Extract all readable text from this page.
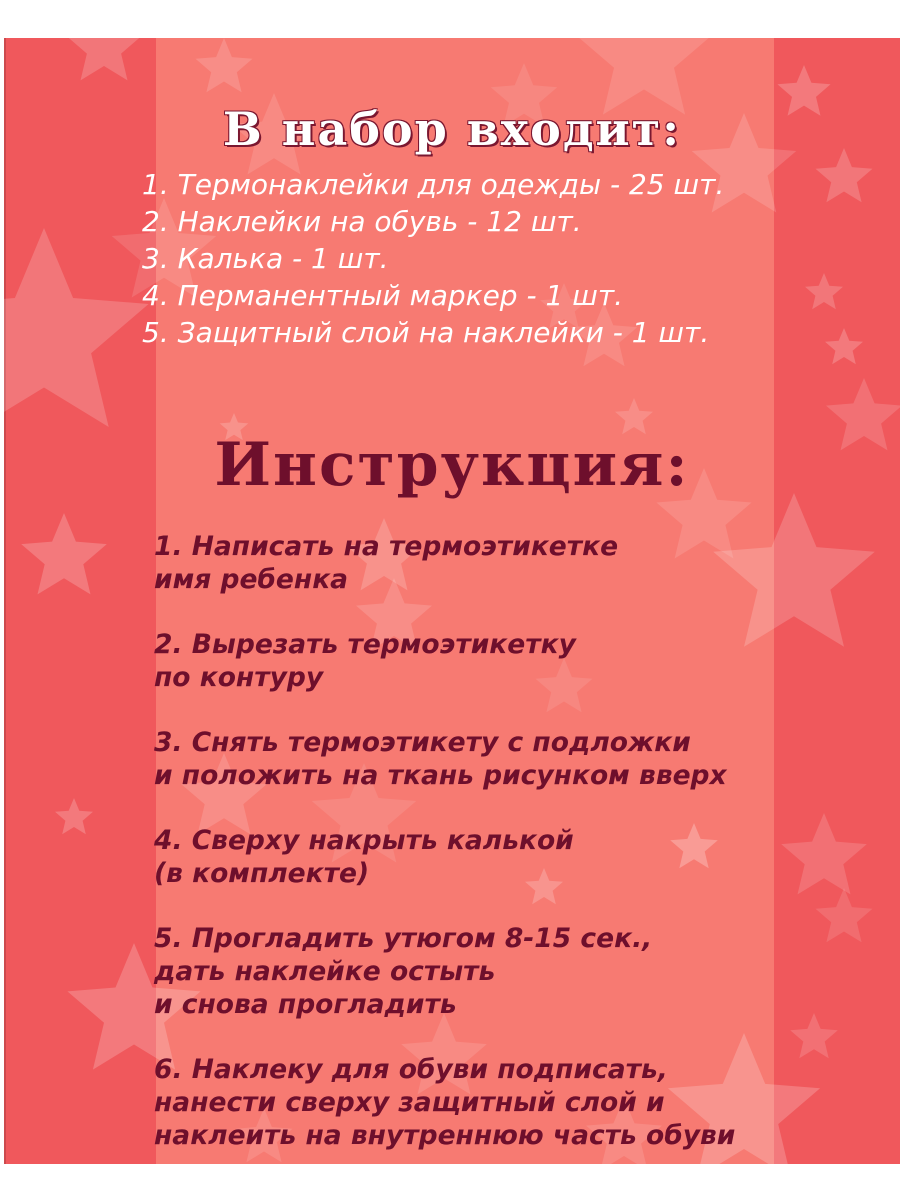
В набор входит:
1. Термонаклейки для одежды - 25 шт.
2. Наклейки на обувь - 12 шт.
3. Калька - 1 шт.
4. Перманентный маркер - 1 шт.
5. Защитный слой на наклейки - 1 шт.
Инструкция:
1. Написать на термоэтикетке
имя ребенка
2. Вырезать термоэтикетку
по контуру
3. Снять термоэтикету с подложки
и положить на ткань рисунком вверх
4. Сверху накрыть калькой
(в комплекте)
5. Прогладить утюгом 8-15 сек.,
дать наклейке остыть
и снова прогладить
6. Наклеку для обуви подписать,
нанести сверху защитный слой и
наклеить на внутреннюю часть обуви
